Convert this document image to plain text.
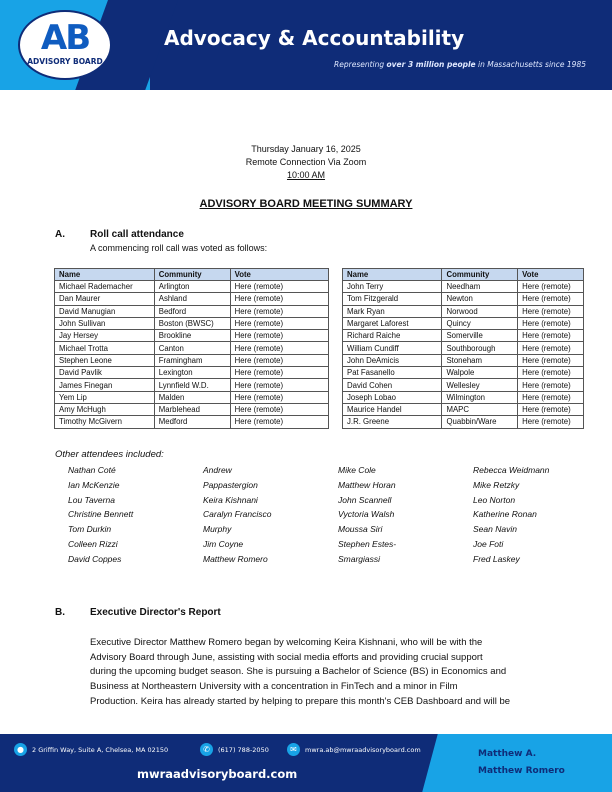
AB
ADVISORY BOARD
Advocacy & Accountability
Representing over 3 million people in Massachusetts since 1985
Thursday January 16, 2025
Remote Connection Via Zoom
10:00 AM
ADVISORY BOARD MEETING SUMMARY
A.	Roll call attendance
A commencing roll call was voted as follows:
Name	Community	Vote
Michael Rademacher	Arlington	Here (remote)
Dan Maurer	Ashland	Here (remote)
David Manugian	Bedford	Here (remote)
John Sullivan	Boston (BWSC)	Here (remote)
Jay Hersey	Brookline	Here (remote)
Michael Trotta	Canton	Here (remote)
Stephen Leone	Framingham	Here (remote)
David Pavlik	Lexington	Here (remote)
James Finegan	Lynnfield W.D.	Here (remote)
Yem Lip	Malden	Here (remote)
Amy McHugh	Marblehead	Here (remote)
Timothy McGivern	Medford	Here (remote)
Name	Community	Vote
John Terry	Needham	Here (remote)
Tom Fitzgerald	Newton	Here (remote)
Mark Ryan	Norwood	Here (remote)
Margaret Laforest	Quincy	Here (remote)
Richard Raiche	Somerville	Here (remote)
William Cundiff	Southborough	Here (remote)
John DeAmicis	Stoneham	Here (remote)
Pat Fasanello	Walpole	Here (remote)
David Cohen	Wellesley	Here (remote)
Joseph Lobao	Wilmington	Here (remote)
Maurice Handel	MAPC	Here (remote)
J.R. Greene	Quabbin/Ware	Here (remote)
Other attendees included:
Nathan Coté
Ian McKenzie
Lou Taverna
Christine Bennett
Tom Durkin
Colleen Rizzi
David Coppes
Andrew
Pappastergion
Keira Kishnani
Caralyn Francisco
Murphy
Jim Coyne
Matthew Romero
Mike Cole
Matthew Horan
John Scannell
Vyctoria Walsh
Moussa Siri
Stephen Estes-
Smargiassi
Rebecca Weidmann
Mike Retzky
Leo Norton
Katherine Ronan
Sean Navin
Joe Foti
Fred Laskey
B.	Executive Director's Report
Executive Director Matthew Romero began by welcoming Keira Kishnani, who will be with the
Advisory Board through June, assisting with social media efforts and providing crucial support
during the upcoming budget season. She is pursuing a Bachelor of Science (BS) in Economics and
Business at Northeastern University with a concentration in FinTech and a minor in Film
Production. Keira has already started by helping to prepare this month's CEB Dashboard and will be
●	2 Griffin Way, Suite A, Chelsea, MA 02150	✆	(617) 788-2050	✉	mwra.ab@mwraadvisoryboard.com
mwraadvisoryboard.com
Matthew A.
Matthew Romero
